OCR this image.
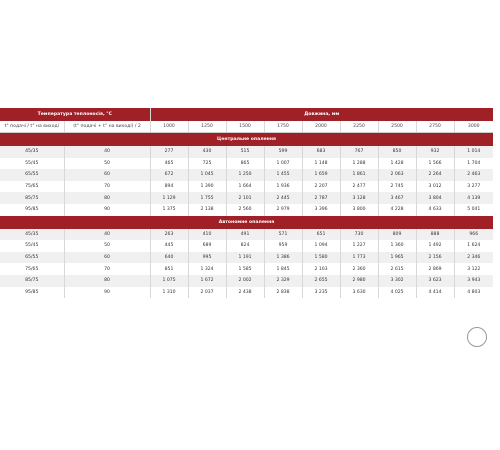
Температура теплоносія, °С		Довжина, мм								
t° подачі / t° на виході	(t° подачі + t° на виході) / 2	1000	1250	1500	1750	2000	2250	2500	2750	3000
Центральне опалення										
45/35	40	277	430	515	599	683	767	850	932	1 014
55/45	50	465	725	865	1 007	1 148	1 288	1 428	1 566	1 704
65/55	60	672	1 045	1 250	1 455	1 659	1 861	2 063	2 264	2 463
75/65	70	894	1 390	1 664	1 936	2 207	2 477	2 745	3 012	3 277
85/75	80	1 129	1 755	2 101	2 445	2 787	3 128	3 467	3 804	4 139
95/85	90	1 375	2 138	2 560	2 979	3 396	3 800	4 228	4 633	5 041
Автономне опалення										
45/35	40	263	410	491	571	651	730	809	888	966
55/45	50	445	689	824	959	1 094	1 227	1 360	1 492	1 624
65/55	60	640	995	1 191	1 386	1 580	1 773	1 965	2 156	2 346
75/65	70	851	1 324	1 585	1 845	2 103	2 360	2 615	2 869	3 122
85/75	80	1 075	1 672	2 002	2 329	2 655	2 980	3 302	3 623	3 943
95/85	90	1 310	2 037	2 438	2 838	3 235	3 630	4 025	4 414	4 803
